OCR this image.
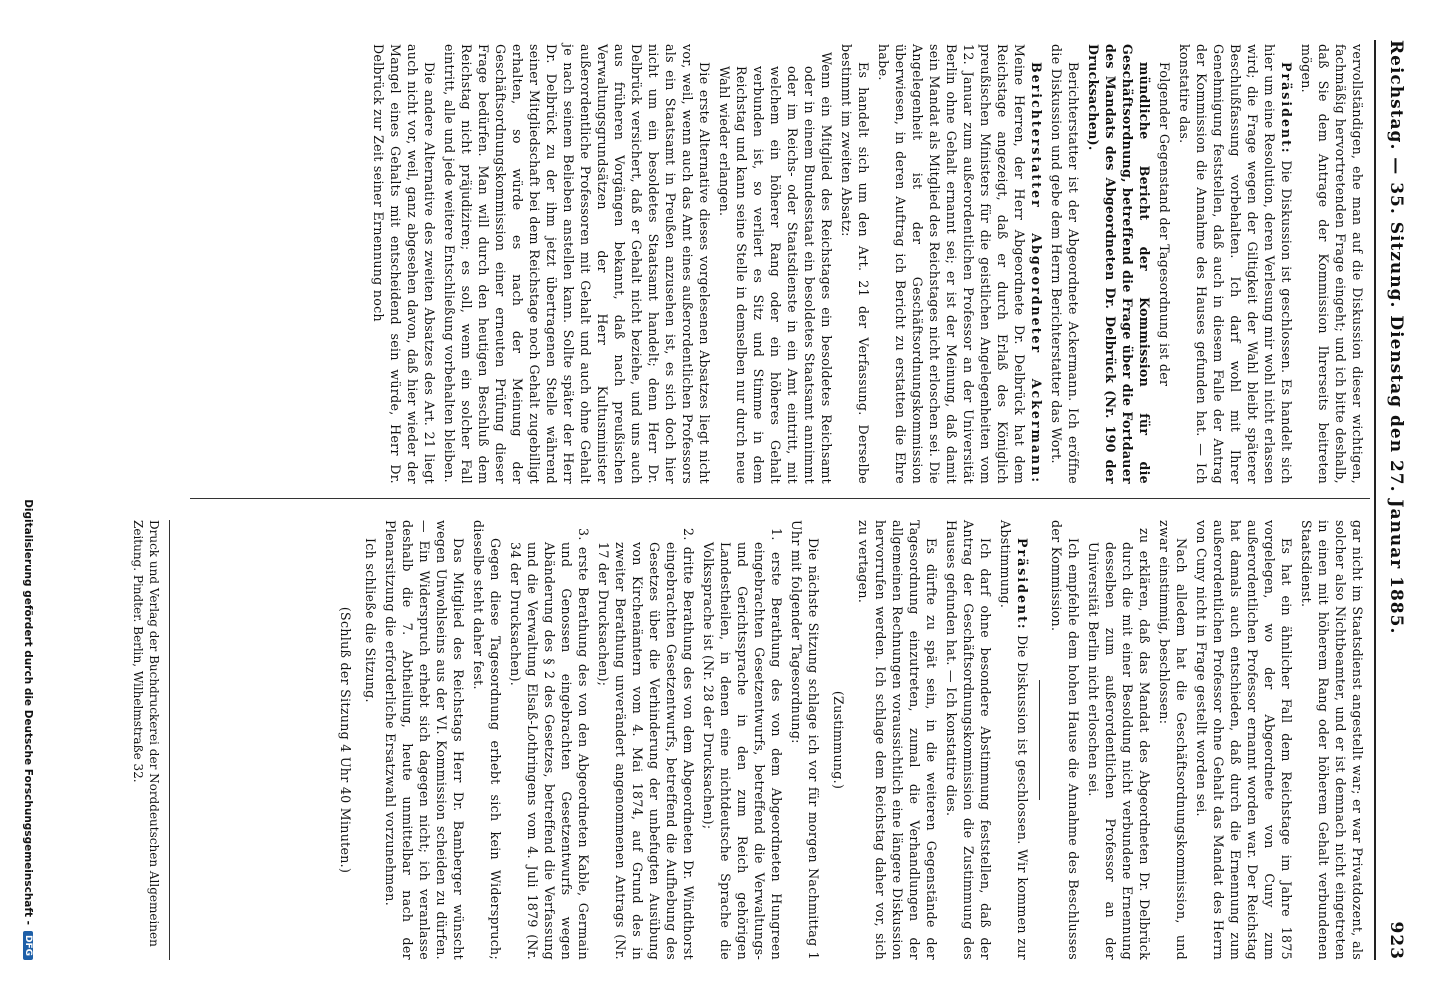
Reichstag. — 35. Sitzung. Dienstag den 27. Januar 1885.
923

vervollständigen, ehe man auf die Diskussion dieser wichtigen, fachmäßig hervortretenden Frage eingeht; und ich bitte deshalb, daß Sie dem Antrage der Kommission Ihrerseits beitreten mögen.

Präsident: Die Diskussion ist geschlossen. Es handelt sich hier um eine Resolution, deren Verlesung mir wohl nicht erlassen wird; die Frage wegen der Giltigkeit der Wahl bleibt späterer Beschlußfassung vorbehalten. Ich darf wohl mit Ihrer Genehmigung feststellen, daß auch in diesem Falle der Antrag der Kommission die Annahme des Hauses gefunden hat. — Ich konstatire das.

Folgender Gegenstand der Tagesordnung ist der

mündliche Bericht der Kommission für die Geschäftsordnung, betreffend die Frage über die Fortdauer des Mandats des Abgeordneten Dr. Delbrück (Nr. 190 der Drucksachen).

Berichterstatter ist der Abgeordnete Ackermann. Ich eröffne die Diskussion und gebe dem Herrn Berichterstatter das Wort.

Berichterstatter Abgeordneter Ackermann: Meine Herren, der Herr Abgeordnete Dr. Delbrück hat dem Reichstage angezeigt, daß er durch Erlaß des Königlich preußischen Ministers für die geistlichen Angelegenheiten vom 12. Januar zum außerordentlichen Professor an der Universität Berlin ohne Gehalt ernannt sei; er ist der Meinung, daß damit sein Mandat als Mitglied des Reichstages nicht erloschen sei. Die Angelegenheit ist der Geschäftsordnungskommission überwiesen, in deren Auftrag ich Bericht zu erstatten die Ehre habe.

Es handelt sich um den Art. 21 der Verfassung. Derselbe bestimmt im zweiten Absatz:

Wenn ein Mitglied des Reichstages ein besoldetes Reichsamt oder in einem Bundesstaat ein besoldetes Staatsamt annimmt oder im Reichs- oder Staatsdienste in ein Amt eintritt, mit welchem ein höherer Rang oder ein höheres Gehalt verbunden ist, so verliert es Sitz und Stimme in dem Reichstag und kann seine Stelle in demselben nur durch neue Wahl wieder erlangen.

Die erste Alternative dieses vorgelesenen Absatzes liegt nicht vor, weil, wenn auch das Amt eines außerordentlichen Professors als ein Staatsamt in Preußen anzusehen ist, es sich doch hier nicht um ein besoldetes Staatsamt handelt; denn Herr Dr. Delbrück versichert, daß er Gehalt nicht beziehe, und uns auch aus früheren Vorgängen bekannt, daß nach preußischen Verwaltungsgrundsätzen der Herr Kultusminister außerordentliche Professoren mit Gehalt und auch ohne Gehalt je nach seinem Belieben anstellen kann. Sollte später der Herr Dr. Delbrück zu der ihm jetzt übertragenen Stelle während seiner Mitgliedschaft bei dem Reichstage noch Gehalt zugebilligt erhalten, so würde es nach der Meinung der Geschäftsordnungskommission einer erneuten Prüfung dieser Frage bedürfen. Man will durch den heutigen Beschluß dem Reichstag nicht präjudiziren; es soll, wenn ein solcher Fall eintritt, alle und jede weitere Entschließung vorbehalten bleiben.

Die andere Alternative des zweiten Absatzes des Art. 21 liegt auch nicht vor, weil, ganz abgesehen davon, daß hier wieder der Mangel eines Gehalts mit entscheidend sein würde, Herr Dr. Delbrück zur Zeit seiner Ernennung noch

gar nicht im Staatsdienst angestellt war; er war Privatdozent, als solcher also Nichtbeamter, und er ist demnach nicht eingetreten in einen mit höherem Rang oder höherem Gehalt verbundenen Staatsdienst.

Es hat ein ähnlicher Fall dem Reichstage im Jahre 1875 vorgelegen, wo der Abgeordnete von Cuny zum außerordentlichen Professor ernannt worden war. Der Reichstag hat damals auch entschieden, daß durch die Ernennung zum außerordentlichen Professor ohne Gehalt das Mandat des Herrn von Cuny nicht in Frage gestellt worden sei.

Nach alledem hat die Geschäftsordnungskommission, und zwar einstimmig, beschlossen:

zu erklären, daß das Mandat des Abgeordneten Dr. Delbrück durch die mit einer Besoldung nicht verbundene Ernennung desselben zum außerordentlichen Professor an der Universität Berlin nicht erloschen sei.

Ich empfehle dem hohen Hause die Annahme des Beschlusses der Kommission.

Präsident: Die Diskussion ist geschlossen. Wir kommen zur Abstimmung.

Ich darf ohne besondere Abstimmung feststellen, daß der Antrag der Geschäftsordnungskommission die Zustimmung des Hauses gefunden hat. — Ich konstatire dies.

Es dürfte zu spät sein, in die weiteren Gegenstände der Tagesordnung einzutreten, zumal die Verhandlungen der allgemeinen Rechnungen voraussichtlich eine längere Diskussion hervorrufen werden. Ich schlage dem Reichstag daher vor, sich zu vertagen.

(Zustimmung.)

Die nächste Sitzung schlage ich vor für morgen Nachmittag 1 Uhr mit folgender Tagesordnung:

1. erste Berathung des von dem Abgeordneten Hungreen eingebrachten Gesetzentwurfs, betreffend die Verwaltungs- und Gerichtssprache in den zum Reich gehörigen Landestheilen, in denen eine nichtdeutsche Sprache die Volkssprache ist (Nr. 28 der Drucksachen);

2. dritte Berathung des von dem Abgeordneten Dr. Windthorst eingebrachten Gesetzentwurfs, betreffend die Aufhebung des Gesetzes über die Verhinderung der unbefugten Ausübung von Kirchenämtern vom 4. Mai 1874, auf Grund des in zweiter Berathung unverändert angenommenen Antrags (Nr. 17 der Drucksachen);

3. erste Berathung des von den Abgeordneten Kable, Germain und Genossen eingebrachten Gesetzentwurfs wegen Abänderung des § 2 des Gesetzes, betreffend die Verfassung und die Verwaltung Elsaß-Lothringens vom 4. Juli 1879 (Nr. 34 der Drucksachen).

Gegen diese Tagesordnung erhebt sich kein Widerspruch; dieselbe steht daher fest.

Das Mitglied des Reichstags Herr Dr. Bamberger wünscht wegen Unwohlseins aus der VI. Kommission scheiden zu dürfen. — Ein Widerspruch erhebt sich dagegen nicht; ich veranlasse deshalb die 7. Abtheilung, heute unmittelbar nach der Plenarsitzung die erforderliche Ersatzwahl vorzunehmen.

Ich schließe die Sitzung.

(Schluß der Sitzung 4 Uhr 40 Minuten.)

Druck und Verlag der Buchdruckerei der Norddeutschen Allgemeinen Zeitung. Pindter. Berlin, Wilhelmstraße 32.
Digitalisierung gefördert durch die Deutsche Forschungsgemeinschaft -DFG
